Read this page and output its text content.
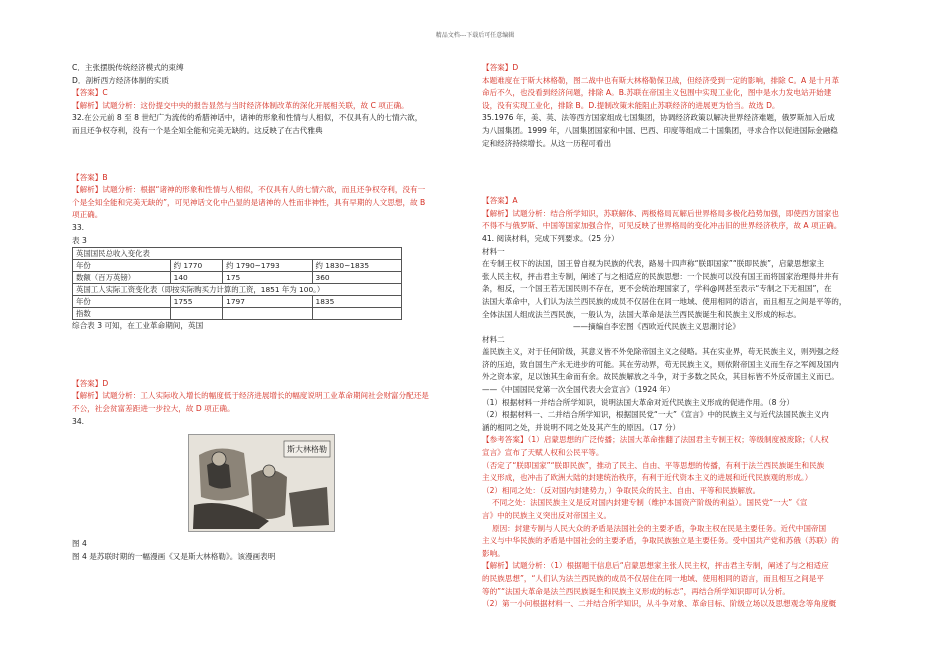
精品文档---下载后可任意编辑

C．主张摆脱传统经济模式的束缚

D．剖析西方经济体制的实质

【答案】C

【解析】试题分析：这份提交中央的报告显然与当时经济体制改革的深化开展相关联，故 C 项正确。

32.在公元前 8 至 8 世纪广为流传的希腊神话中，诸神的形象和性情与人相似，不仅具有人的七情六欲，

而且还争权夺利，没有一个是全知全能和完美无缺的。这反映了在古代雅典

【答案】B

【解析】试题分析：根据“诸神的形象和性情与人相似，不仅具有人的七情六欲，而且还争权夺利，没有一

个是全知全能和完美无缺的”，可见神话文化中凸显的是诸神的人性而非神性，具有早期的人文思想，故 B

项正确。

33.

表 3

英国国民总收入变化表			
年份	约 1770	约 1790~1793	约 1830~1835
数额（百万英镑）	140	175	360
英国工人实际工资变化表（即按实际购买力计算的工资，1851 年为 100。）			
年份	1755	1797	1835
指数			

综合表 3 可知，在工业革命期间，英国

【答案】D

【解析】试题分析：工人实际收入增长的幅度低于经济进展增长的幅度说明工业革命期间社会财富分配还是

不公，社会贫富差距进一步拉大，故 D 项正确。

34.

斯大林格勒

图 4

图 4 是苏联时期的一幅漫画《又是斯大林格勒》。该漫画表明

【答案】D

本题难度在于斯大林格勒，图二战中也有斯大林格勒保卫战，但经济受到一定的影响，排除 C。A 是十月革

命后不久，也没看到经济问题，排除 A。B.苏联在帝国主义包围中实现工业化，图中是水力发电站开始建

设，没有实现工业化，排除 B。D.提制改策未能阻止苏联经济的进展更为恰当。故选 D。

35.1976 年，美、英、法等西方国家组成七国集团，协调经济政策以解决世界经济难题，俄罗斯加入后成

为八国集团。1999 年，八国集团国家和中国、巴西、印度等组成二十国集团，寻求合作以促进国际金融稳

定和经济持续增长。从这一历程可看出

【答案】A

【解析】试题分析：结合所学知识，苏联解体、两极格局瓦解后世界格局多极化趋势加强，即使西方国家也

不得不与俄罗斯、中国等国家加强合作，可见反映了世界格局的变化冲击旧的世界经济秩序，故 A 项正确。

41. 阅读材料，完成下列要求。（25 分）

材料一

在专制王权下的法国，国王曾自视为民族的代表，路易十四声称“朕即国家”“朕即民族”，启蒙思想家主

张人民主权，抨击君主专制，阐述了与之相适应的民族思想：一个民族可以没有国王而将国家治理得井井有

条，相反，一个国王若无国民则不存在，更不会统治理国家了，学科@网甚至表示“专制之下无祖国”，在

法国大革命中，人们认为法兰西民族的成员不仅居住在同一地域、使用相同的语言，而且相互之间是平等的，

全体法国人组成法兰西民族，一般认为，法国大革命是法兰西民族诞生和民族主义形成的标志。

——摘编自李宏图《西欧近代民族主义思潮讨论》

材料二

盖民族主义，对于任何阶级，其意义皆不外免除帝国主义之侵略。其在实业界，苟无民族主义，则列强之经

济的压迫，致自国生产永无进步的可能。其在劳动界，苟无民族主义，则依附帝国主义而生存之军阀及国内

外之资本家，足以蚀其生命而有余。故民族解放之斗争，对于多数之民众，其目标皆不外反帝国主义而已。

——《中国国民党第一次全国代表大会宣言》（1924 年）

（1）根据材料一并结合所学知识，说明法国大革命对近代民族主义形成的促进作用。（8 分）

（2）根据材料一、二并结合所学知识，根据国民党“一大”《宣言》中的民族主义与近代法国民族主义内

涵的相同之处，并说明不同之处及其产生的原因。（17 分）

【参考答案】（1）启蒙思想的广泛传播；法国大革命推翻了法国君主专制王权；等级制度被废除；《人权

宣言》宣布了天赋人权和公民平等。

（否定了“朕即国家”“朕即民族”，推动了民主、自由、平等思想的传播，有利于法兰西民族诞生和民族

主义形成，也冲击了欧洲大陆的封建统治秩序，有利于近代资本主义的进展和近代民族观的形成。）

（2）相同之处：（反对国内封建势力，）争取民众的民主、自由、平等和民族解放。

不同之处：法国民族主义是反对国内封建专制（维护本国资产阶级的利益）。国民党“一大”《宣

言》中的民族主义突出反对帝国主义。

原因：封建专制与人民大众的矛盾是法国社会的主要矛盾，争取主权在民是主要任务。近代中国帝国

主义与中华民族的矛盾是中国社会的主要矛盾，争取民族独立是主要任务。受中国共产党和苏俄（苏联）的

影响。

【解析】试题分析：（1）根据题干信息后“启蒙思想家主张人民主权，抨击君主专制，阐述了与之相适应

的民族思想”，“人们认为法兰西民族的成员不仅居住在同一地域、使用相同的语言，而且相互之间是平

等的”“法国大革命是法兰西民族诞生和民族主义形成的标志”，再结合所学知识即可认分析。

（2）第一小问根据材料一、二并结合所学知识，从斗争对象、革命目标、阶级立场以及思想观念等角度概
